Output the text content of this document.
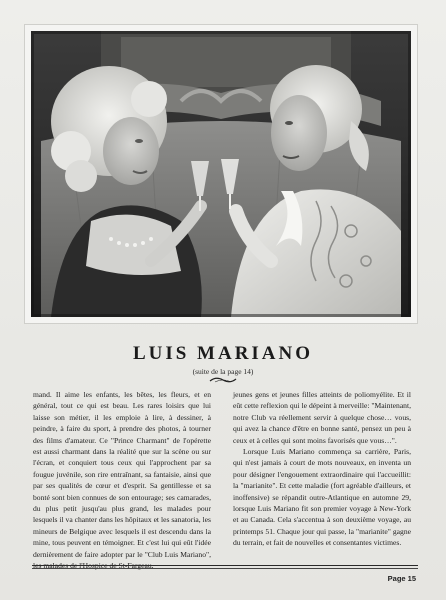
LUIS MARIANO
(suite de la page 14)

mand. Il aime les enfants, les bêtes, les fleurs, et en général, tout ce qui est beau. Les rares loisirs que lui laisse son métier, il les emploie à lire, à dessiner, à peindre, à faire du sport, à prendre des photos, à tourner des films d'amateur. Ce "Prince Charmant" de l'opérette est aussi charmant dans la réalité que sur la scène ou sur l'écran, et conquiert tous ceux qui l'approchent par sa fougue juvénile, son rire entraînant, sa fantaisie, ainsi que par ses qualités de cœur et d'esprit. Sa gentillesse et sa bonté sont bien connues de son entourage; ses camarades, du plus petit jusqu'au plus grand, les malades pour lesquels il va chanter dans les hôpitaux et les sanatoria, les mineurs de Belgique avec lesquels il est descendu dans la mine, tous peuvent en témoigner. Et c'est lui qui eût l'idée dernièrement de faire adopter par le "Club Luis Mariano", les malades de l'Hospice de St-Fargeau,

jeunes gens et jeunes filles atteints de poliomyélite. Et il eût cette reflexion qui le dépeint à merveille: "Maintenant, notre Club va réellement servir à quelque chose… vous, qui avez la chance d'être en bonne santé, pensez un peu à ceux et à celles qui sont moins favorisés que vous…".

Lorsque Luis Mariano commença sa carrière, Paris, qui n'est jamais à court de mots nouveaux, en inventa un pour désigner l'engouement extraordinaire qui l'accueillit: la "marianite". Et cette maladie (fort agréable d'ailleurs, et inoffensive) se répandit outre-Atlantique en automne 29, lorsque Luis Mariano fit son premier voyage à New-York et au Canada. Cela s'accentua à son deuxième voyage, au printemps 51. Chaque jour qui passe, la "marianite" gagne du terrain, et fait de nouvelles et consentantes victimes.

Page 15
